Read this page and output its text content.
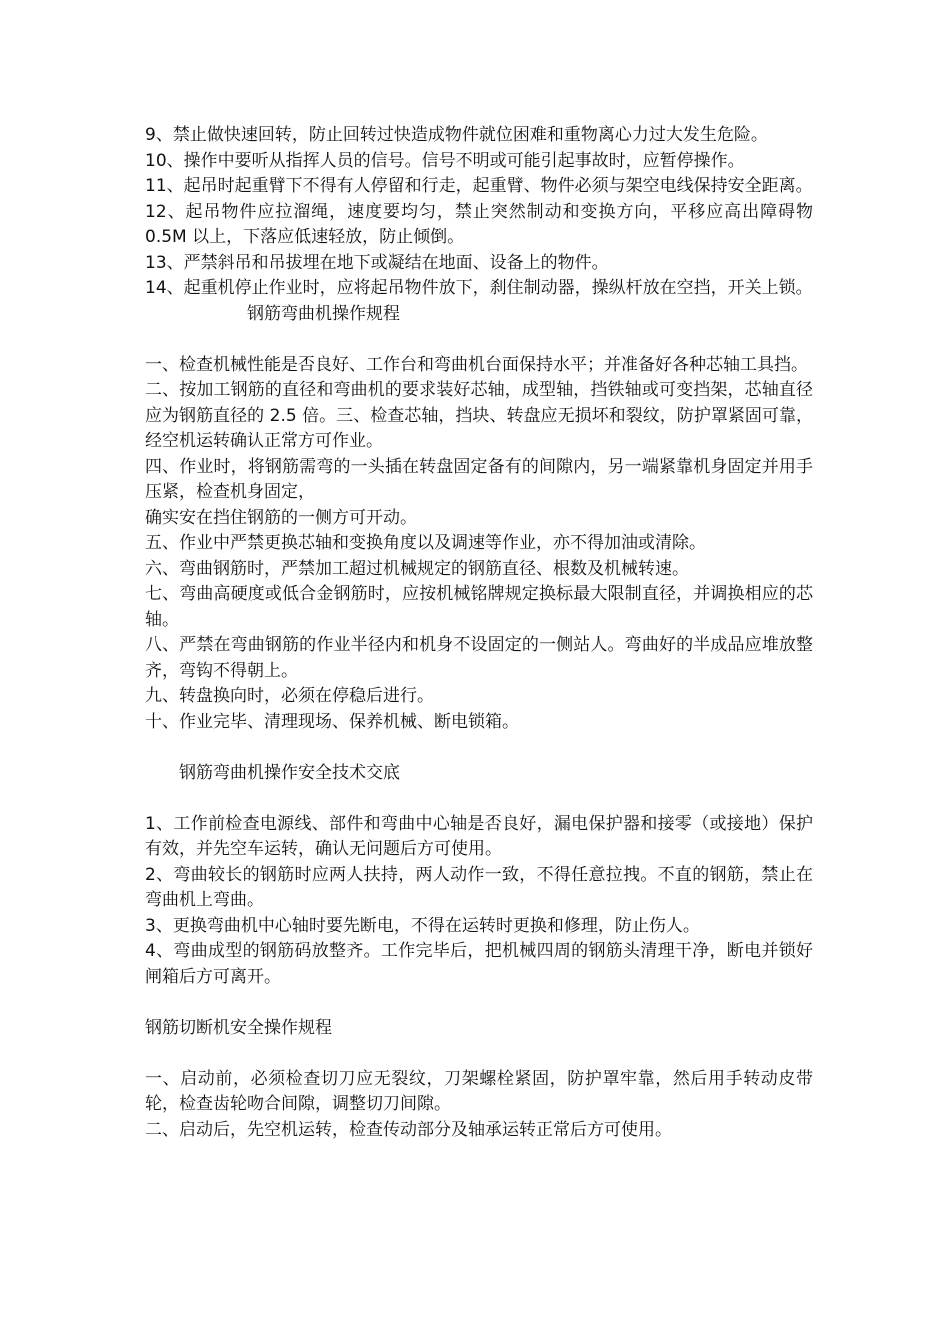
9、禁止做快速回转，防止回转过快造成物件就位困难和重物离心力过大发生危险。

10、操作中要听从指挥人员的信号。信号不明或可能引起事故时，应暂停操作。

11、起吊时起重臂下不得有人停留和行走，起重臂、物件必须与架空电线保持安全距离。

12、起吊物件应拉溜绳，速度要均匀，禁止突然制动和变换方向，平移应高出障碍物 0.5M 以上，下落应低速轻放，防止倾倒。

13、严禁斜吊和吊拔埋在地下或凝结在地面、设备上的物件。

14、起重机停止作业时，应将起吊物件放下，刹住制动器，操纵杆放在空挡，开关上锁。

钢筋弯曲机操作规程

一、检查机械性能是否良好、工作台和弯曲机台面保持水平；并准备好各种芯轴工具挡。

二、按加工钢筋的直径和弯曲机的要求装好芯轴，成型轴，挡铁轴或可变挡架，芯轴直径应为钢筋直径的 2.5 倍。三、检查芯轴，挡块、转盘应无损坏和裂纹，防护罩紧固可靠，经空机运转确认正常方可作业。

四、作业时，将钢筋需弯的一头插在转盘固定备有的间隙内，另一端紧靠机身固定并用手压紧，检查机身固定，

确实安在挡住钢筋的一侧方可开动。

五、作业中严禁更换芯轴和变换角度以及调速等作业，亦不得加油或清除。

六、弯曲钢筋时，严禁加工超过机械规定的钢筋直径、根数及机械转速。

七、弯曲高硬度或低合金钢筋时，应按机械铭牌规定换标最大限制直径，并调换相应的芯轴。

八、严禁在弯曲钢筋的作业半径内和机身不设固定的一侧站人。弯曲好的半成品应堆放整齐，弯钩不得朝上。

九、转盘换向时，必须在停稳后进行。

十、作业完毕、清理现场、保养机械、断电锁箱。

钢筋弯曲机操作安全技术交底

1、工作前检查电源线、部件和弯曲中心轴是否良好，漏电保护器和接零（或接地）保护有效，并先空车运转，确认无问题后方可使用。

2、弯曲较长的钢筋时应两人扶持，两人动作一致，不得任意拉拽。不直的钢筋，禁止在弯曲机上弯曲。

3、更换弯曲机中心轴时要先断电，不得在运转时更换和修理，防止伤人。

4、弯曲成型的钢筋码放整齐。工作完毕后，把机械四周的钢筋头清理干净，断电并锁好闸箱后方可离开。

钢筋切断机安全操作规程

一、启动前，必须检查切刀应无裂纹，刀架螺栓紧固，防护罩牢靠，然后用手转动皮带轮，检查齿轮吻合间隙，调整切刀间隙。

二、启动后，先空机运转，检查传动部分及轴承运转正常后方可使用。
